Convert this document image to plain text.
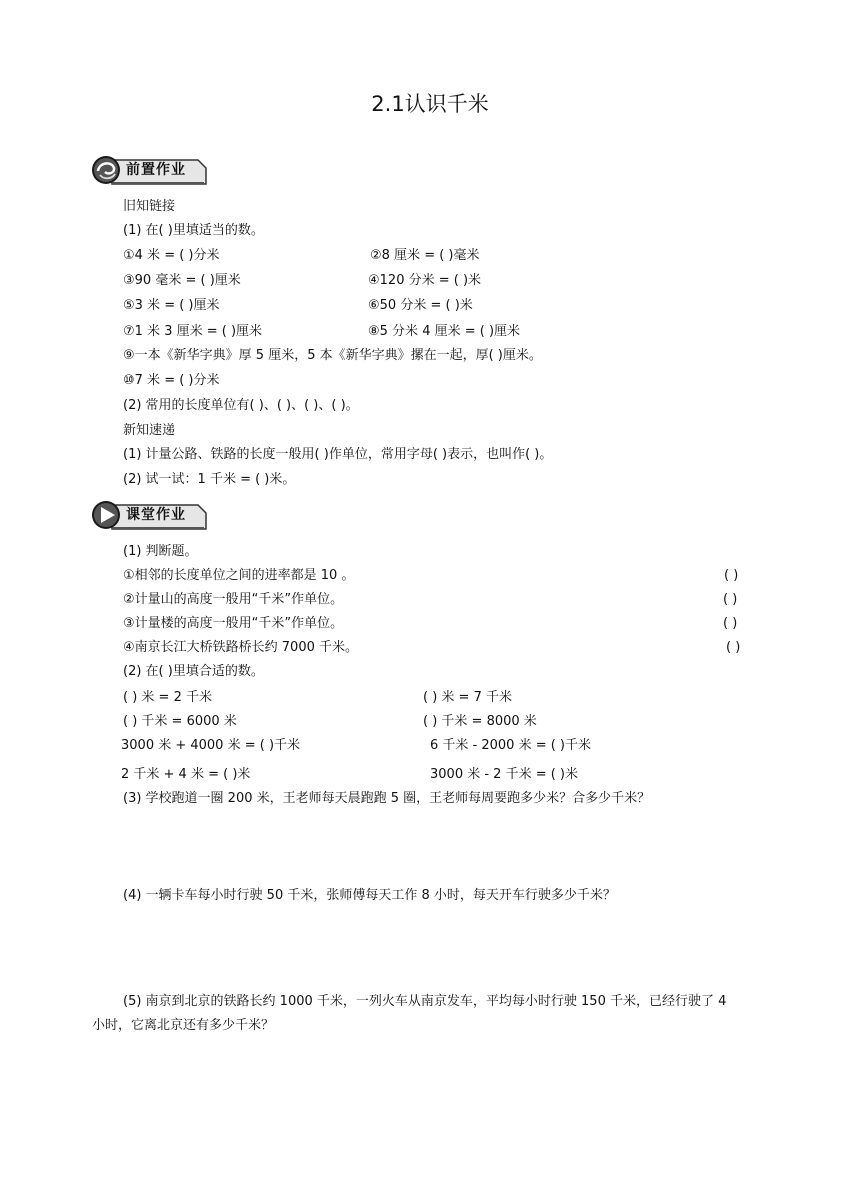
2.1认识千米
前置作业
旧知链接
(1) 在( )里填适当的数。
①4 米 = ( )分米	②8 厘米 = ( )毫米
③90 毫米 = ( )厘米	④120 分米 = ( )米
⑤3 米 = ( )厘米	⑥50 分米 = ( )米
⑦1 米 3 厘米 = ( )厘米	⑧5 分米 4 厘米 = ( )厘米
⑨一本《新华字典》厚 5 厘米，5 本《新华字典》摞在一起，厚( )厘米。
⑩7 米 = ( )分米
(2) 常用的长度单位有( )、( )、( )、( )。
新知速递
(1) 计量公路、铁路的长度一般用( )作单位，常用字母( )表示，也叫作( )。
(2) 试一试：1 千米 = ( )米。
课堂作业
(1) 判断题。
①相邻的长度单位之间的进率都是 10 。	( )
②计量山的高度一般用“千米”作单位。	( )
③计量楼的高度一般用“千米”作单位。	( )
④南京长江大桥铁路桥长约 7000 千米。	( )
(2) 在( )里填合适的数。
( ) 米 = 2 千米	( ) 米 = 7 千米
( ) 千米 = 6000 米	( ) 千米 = 8000 米
3000 米 + 4000 米 = ( )千米	6 千米 - 2000 米 = ( )千米
2 千米 + 4 米 = ( )米	3000 米 - 2 千米 = ( )米
(3) 学校跑道一圈 200 米，王老师每天晨跑跑 5 圈，王老师每周要跑多少米？合多少千米？
(4) 一辆卡车每小时行驶 50 千米，张师傅每天工作 8 小时，每天开车行驶多少千米？
(5) 南京到北京的铁路长约 1000 千米，一列火车从南京发车，平均每小时行驶 150 千米，已经行驶了 4
小时，它离北京还有多少千米？
